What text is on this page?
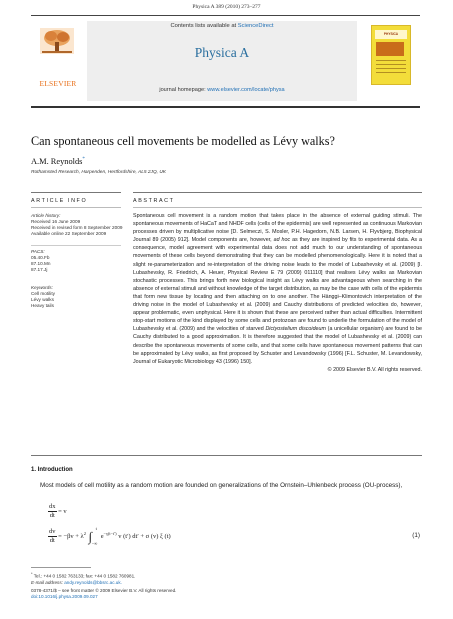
Physica A 389 (2010) 273–277
ELSEVIER
Contents lists available at ScienceDirect
Physica A
journal homepage: www.elsevier.com/locate/physa
PHYSICA
Can spontaneous cell movements be modelled as Lévy walks?
A.M. Reynolds*
Rothamsted Research, Harpenden, Hertfordshire, AL5 2JQ, UK
ARTICLE INFO	ABSTRACT
Article history:
Received 16 June 2009
Received in revised form 8 September 2009
Available online 22 September 2009
PACS:
05.40.Fb
87.10.Mn
87.17.Jj
Keywords:
Cell motility
Lévy walks
Heavy tails

Spontaneous cell movement is a random motion that takes place in the absence of external guiding stimuli. The spontaneous movements of HaCaT and NHDF cells (cells of the epidermis) are well represented as continuous Markovian processes driven by multiplicative noise [D. Selmeczi, S. Mosler, P.H. Hagedorn, N.B. Larsen, H. Flyvbjerg, Biophysical Journal 89 (2005) 912]. Model components are, however, ad hoc as they are inspired by fits to experimental data. As a consequence, model agreement with experimental data does not add much to our understanding of spontaneous movements of these cells beyond demonstrating that they can be modelled phenomenologically. Here it is noted that a slight re-parameterization and re-interpretation of the driving noise leads to the model of Lubashevsky et al. (2009) [I. Lubashevsky, R. Friedrich, A. Heuer, Physical Review E 79 (2009) 011110] that realises Lévy walks as Markovian stochastic processes. This brings forth new biological insight as Lévy walks are advantageous when searching in the absence of external stimuli and without knowledge of the target distribution, as may be the case with cells of the epidermis that form new tissue by locating and then attaching on to one another. The Hänggi–Klimontovich interpretation of the driving noise in the model of Lubashevsky et al. (2009) and Cauchy distributions of predicted velocities do, however, appear problematic, even unphysical. Here it is shown that these are perceived rather than actual difficulties. Intermittent stop-start motions of the kind displayed by some cells and protozoan are found to underlie the formulation of the model of Lubashevsky et al. (2009) and the velocities of starved Dictyostelium discoideum (a unicellular organism) are found to be Cauchy distributed to a good approximation. It is therefore suggested that the model of Lubashevsky et al. (2009) can describe the spontaneous movements of some cells, and that some cells have spontaneous movement patterns that can be approximated by Lévy walks, as first proposed by Schuster and Levandowsky (1996) [F.L. Schuster, M. Levandowsky, Journal of Eukaryotic Microbiology 43 (1996) 150].

© 2009 Elsevier B.V. All rights reserved.

1. Introduction

Most models of cell motility as a random motion are founded on generalizations of the Ornstein–Uhlenbeck process (OU-process),

$\frac{dx}{dt} = v$
$\frac{dv}{dt} = -\beta v + \lambda^2$ ∫
t
−∞
$e^{-\gamma(t-t')}$ v (t′) dt′ + σ (v) ξ (t)	(1)
* Tel.: +44 0 1582 763133; fax: +44 0 1582 760981.
E-mail address: andy.reynolds@bbsrc.ac.uk.
0378-4371/$ – see front matter © 2009 Elsevier B.V. All rights reserved.
doi:10.1016/j.physa.2009.09.027
